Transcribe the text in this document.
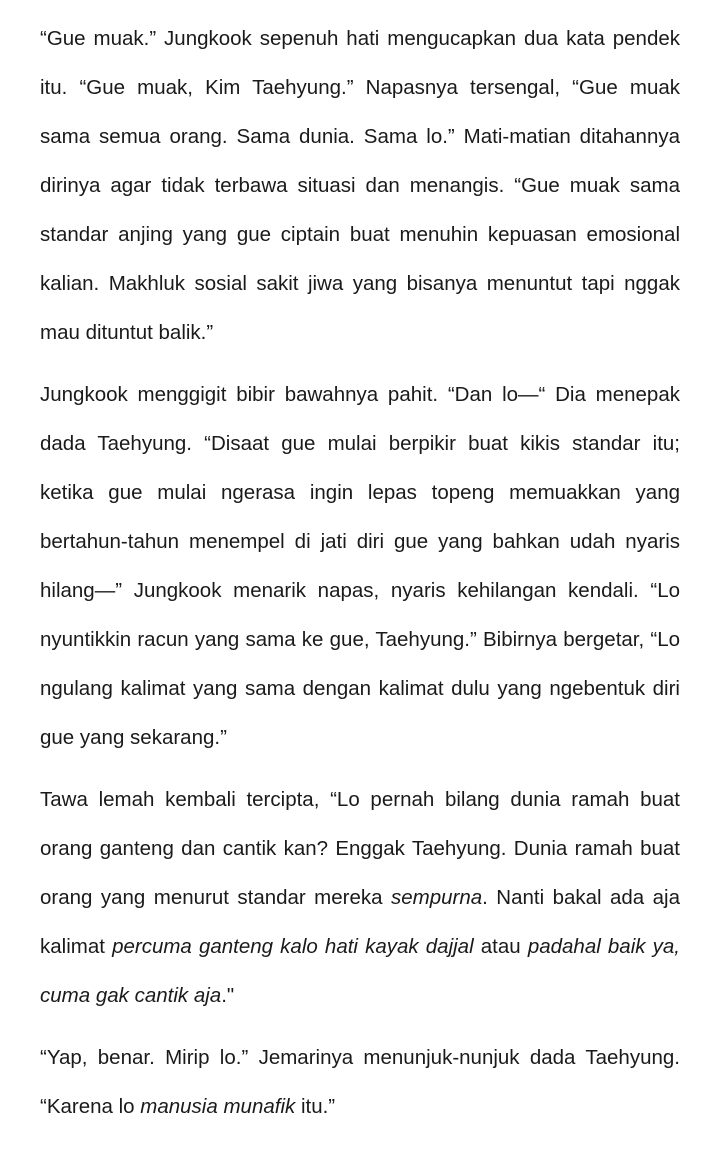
“Gue muak.” Jungkook sepenuh hati mengucapkan dua kata pendek itu. “Gue muak, Kim Taehyung.” Napasnya tersengal, “Gue muak sama semua orang. Sama dunia. Sama lo.” Mati-matian ditahannya dirinya agar tidak terbawa situasi dan menangis. “Gue muak sama standar anjing yang gue ciptain buat menuhin kepuasan emosional kalian. Makhluk sosial sakit jiwa yang bisanya menuntut tapi nggak mau dituntut balik.”

Jungkook menggigit bibir bawahnya pahit. “Dan lo—“ Dia menepak dada Taehyung. “Disaat gue mulai berpikir buat kikis standar itu; ketika gue mulai ngerasa ingin lepas topeng memuakkan yang bertahun-tahun menempel di jati diri gue yang bahkan udah nyaris hilang—” Jungkook menarik napas, nyaris kehilangan kendali. “Lo nyuntikkin racun yang sama ke gue, Taehyung.” Bibirnya bergetar, “Lo ngulang kalimat yang sama dengan kalimat dulu yang ngebentuk diri gue yang sekarang.”

Tawa lemah kembali tercipta, “Lo pernah bilang dunia ramah buat orang ganteng dan cantik kan? Enggak Taehyung. Dunia ramah buat orang yang menurut standar mereka sempurna. Nanti bakal ada aja kalimat percuma ganteng kalo hati kayak dajjal atau padahal baik ya, cuma gak cantik aja."

“Yap, benar. Mirip lo.” Jemarinya menunjuk-nunjuk dada Taehyung. “Karena lo manusia munafik itu.”
